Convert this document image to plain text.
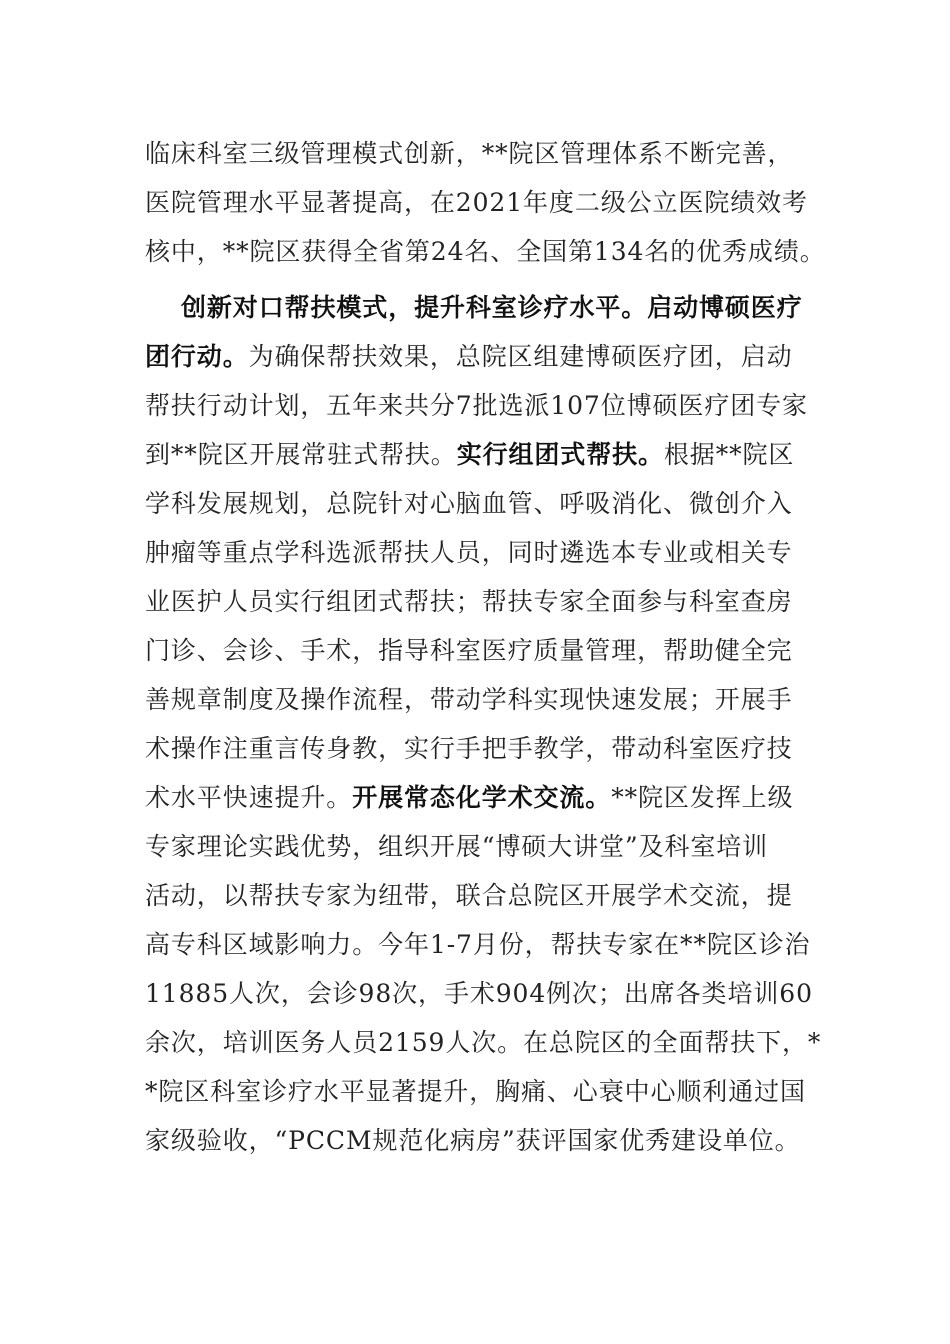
临床科室三级管理模式创新，**院区管理体系不断完善，
医院管理水平显著提高，在2021年度二级公立医院绩效考
核中，**院区获得全省第24名、全国第134名的优秀成绩。
创新对口帮扶模式，提升科室诊疗水平。启动博硕医疗
团行动。为确保帮扶效果，总院区组建博硕医疗团，启动
帮扶行动计划，五年来共分7批选派107位博硕医疗团专家
到**院区开展常驻式帮扶。实行组团式帮扶。根据**院区
学科发展规划，总院针对心脑血管、呼吸消化、微创介入
肿瘤等重点学科选派帮扶人员，同时遴选本专业或相关专
业医护人员实行组团式帮扶；帮扶专家全面参与科室查房
门诊、会诊、手术，指导科室医疗质量管理，帮助健全完
善规章制度及操作流程，带动学科实现快速发展；开展手
术操作注重言传身教，实行手把手教学，带动科室医疗技
术水平快速提升。开展常态化学术交流。**院区发挥上级
专家理论实践优势，组织开展“博硕大讲堂”及科室培训
活动，以帮扶专家为纽带，联合总院区开展学术交流，提
高专科区域影响力。今年1-7月份，帮扶专家在**院区诊治
11885人次，会诊98次，手术904例次；出席各类培训60
余次，培训医务人员2159人次。在总院区的全面帮扶下，*
*院区科室诊疗水平显著提升，胸痛、心衰中心顺利通过国
家级验收，“PCCM规范化病房”获评国家优秀建设单位。
